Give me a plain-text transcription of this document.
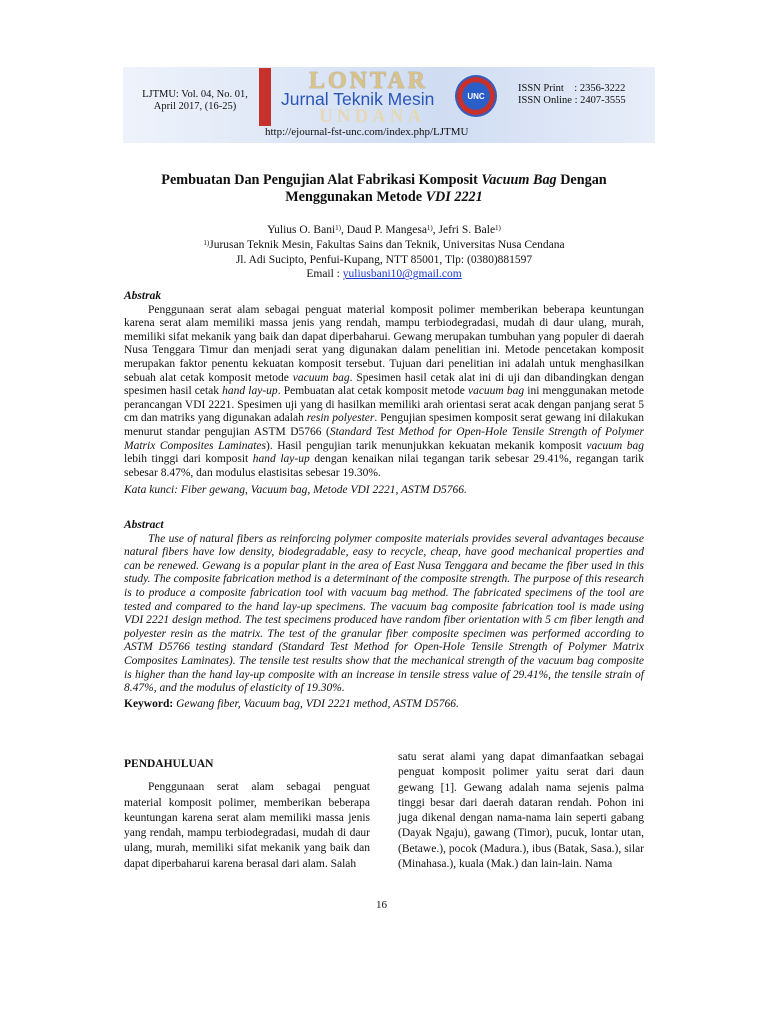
LJTMU: Vol. 04, No. 01,
April 2017, (16-25)
LONTAR
Jurnal Teknik Mesin
UNDANA
UNC
ISSN Print    : 2356-3222
ISSN Online : 2407-3555
http://ejournal-fst-unc.com/index.php/LJTMU
Pembuatan Dan Pengujian Alat Fabrikasi Komposit Vacuum Bag Dengan
Menggunakan Metode VDI 2221
Yulius O. Bani$^{1)}$, Daud P. Mangesa$^{1)}$, Jefri S. Bale$^{1)}$
$^{1)}$Jurusan Teknik Mesin, Fakultas Sains dan Teknik, Universitas Nusa Cendana
Jl. Adi Sucipto, Penfui-Kupang, NTT 85001, Tlp: (0380)881597
Email : yuliusbani10@gmail.com
Abstrak
Penggunaan serat alam sebagai penguat material komposit polimer memberikan beberapa keuntungan karena serat alam memiliki massa jenis yang rendah, mampu terbiodegradasi, mudah di daur ulang, murah, memiliki sifat mekanik yang baik dan dapat diperbaharui. Gewang merupakan tumbuhan yang populer di daerah Nusa Tenggara Timur dan menjadi serat yang digunakan dalam penelitian ini. Metode pencetakan komposit merupakan faktor penentu kekuatan komposit tersebut. Tujuan dari penelitian ini adalah untuk menghasilkan sebuah alat cetak komposit metode vacuum bag. Spesimen hasil cetak alat ini di uji dan dibandingkan dengan spesimen hasil cetak hand lay-up. Pembuatan alat cetak komposit metode vacuum bag ini menggunakan metode perancangan VDI 2221. Spesimen uji yang di hasilkan memiliki arah orientasi serat acak dengan panjang serat 5 cm dan matriks yang digunakan adalah resin polyester. Pengujian spesimen komposit serat gewang ini dilakukan menurut standar pengujian ASTM D5766 (Standard Test Method for Open-Hole Tensile Strength of Polymer Matrix Composites Laminates). Hasil pengujian tarik menunjukkan kekuatan mekanik komposit vacuum bag lebih tinggi dari komposit hand lay-up dengan kenaikan nilai tegangan tarik sebesar 29.41%, regangan tarik sebesar 8.47%, dan modulus elastisitas sebesar 19.30%.
Kata kunci: Fiber gewang, Vacuum bag, Metode VDI 2221, ASTM D5766.
Abstract
The use of natural fibers as reinforcing polymer composite materials provides several advantages because natural fibers have low density, biodegradable, easy to recycle, cheap, have good mechanical properties and can be renewed. Gewang is a popular plant in the area of East Nusa Tenggara and became the fiber used in this study. The composite fabrication method is a determinant of the composite strength. The purpose of this research is to produce a composite fabrication tool with vacuum bag method. The fabricated specimens of the tool are tested and compared to the hand lay-up specimens. The vacuum bag composite fabrication tool is made using VDI 2221 design method. The test specimens produced have random fiber orientation with 5 cm fiber length and polyester resin as the matrix. The test of the granular fiber composite specimen was performed according to ASTM D5766 testing standard (Standard Test Method for Open-Hole Tensile Strength of Polymer Matrix Composites Laminates). The tensile test results show that the mechanical strength of the vacuum bag composite is higher than the hand lay-up composite with an increase in tensile stress value of 29.41%, the tensile strain of 8.47%, and the modulus of elasticity of 19.30%.
Keyword: Gewang fiber, Vacuum bag, VDI 2221 method, ASTM D5766.
PENDAHULUAN
Penggunaan serat alam sebagai penguat material komposit polimer, memberikan beberapa keuntungan karena serat alam memiliki massa jenis yang rendah, mampu terbiodegradasi, mudah di daur ulang, murah, memiliki sifat mekanik yang baik dan dapat diperbaharui karena berasal dari alam. Salah
satu serat alami yang dapat dimanfaatkan sebagai penguat komposit polimer yaitu serat dari daun gewang [1]. Gewang adalah nama sejenis palma tinggi besar dari daerah dataran rendah. Pohon ini juga dikenal dengan nama-nama lain seperti gabang (Dayak Ngaju), gawang (Timor), pucuk, lontar utan, (Betawe.), pocok (Madura.), ibus (Batak, Sasa.), silar (Minahasa.), kuala (Mak.) dan lain-lain. Nama
16
